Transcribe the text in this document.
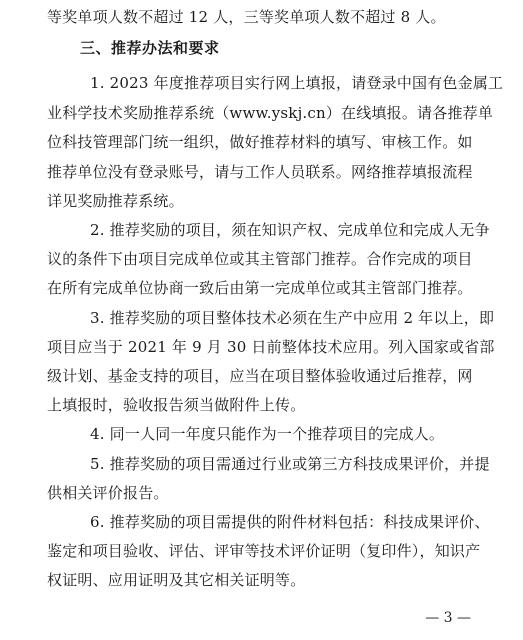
等奖单项人数不超过 12 人，三等奖单项人数不超过 8 人。
三、推荐办法和要求
1. 2023 年度推荐项目实行网上填报，请登录中国有色金属工
业科学技术奖励推荐系统（www.yskj.cn）在线填报。请各推荐单
位科技管理部门统一组织，做好推荐材料的填写、审核工作。如
推荐单位没有登录账号，请与工作人员联系。网络推荐填报流程
详见奖励推荐系统。
2. 推荐奖励的项目，须在知识产权、完成单位和完成人无争
议的条件下由项目完成单位或其主管部门推荐。合作完成的项目
在所有完成单位协商一致后由第一完成单位或其主管部门推荐。
3. 推荐奖励的项目整体技术必须在生产中应用 2 年以上，即
项目应当于 2021 年 9 月 30 日前整体技术应用。列入国家或省部
级计划、基金支持的项目，应当在项目整体验收通过后推荐，网
上填报时，验收报告须当做附件上传。
4. 同一人同一年度只能作为一个推荐项目的完成人。
5. 推荐奖励的项目需通过行业或第三方科技成果评价，并提
供相关评价报告。
6. 推荐奖励的项目需提供的附件材料包括：科技成果评价、
鉴定和项目验收、评估、评审等技术评价证明（复印件），知识产
权证明、应用证明及其它相关证明等。
— 3 —
